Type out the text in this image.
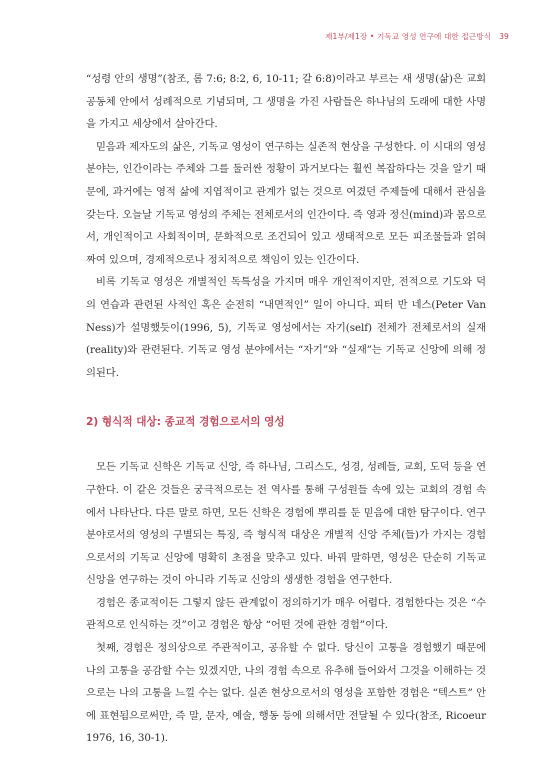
제1부/제1장 • 기독교 영성 연구에 대한 접근방식 39

“성령 안의 생명”(참조, 롬 7:6; 8:2, 6, 10-11; 갈 6:8)이라고 부르는 새 생명(삶)은 교회 공동체 안에서 성례적으로 기념되며, 그 생명을 가진 사람들은 하나님의 도래에 대한 사명을 가지고 세상에서 살아간다.

믿음과 제자도의 삶은, 기독교 영성이 연구하는 실존적 현상을 구성한다. 이 시대의 영성 분야는, 인간이라는 주체와 그를 둘러싼 정황이 과거보다는 훨씬 복잡하다는 것을 알기 때문에, 과거에는 영적 삶에 지엽적이고 관계가 없는 것으로 여겼던 주제들에 대해서 관심을 갖는다. 오늘날 기독교 영성의 주체는 전체로서의 인간이다. 즉 영과 정신(mind)과 몸으로서, 개인적이고 사회적이며, 문화적으로 조건되어 있고 생태적으로 모든 피조물들과 얽혀 짜여 있으며, 경제적으로나 정치적으로 책임이 있는 인간이다.

비록 기독교 영성은 개별적인 독특성을 가지며 매우 개인적이지만, 전적으로 기도와 덕의 연습과 관련된 사적인 혹은 순전히 “내면적인” 일이 아니다. 피터 반 네스(Peter Van Ness)가 설명했듯이(1996, 5), 기독교 영성에서는 자기(self) 전체가 전체로서의 실재(reality)와 관련된다. 기독교 영성 분야에서는 “자기”와 “실재”는 기독교 신앙에 의해 정의된다.

2) 형식적 대상: 종교적 경험으로서의 영성

모든 기독교 신학은 기독교 신앙, 즉 하나님, 그리스도, 성경, 성례들, 교회, 도덕 등을 연구한다. 이 같은 것들은 궁극적으로는 전 역사를 통해 구성원들 속에 있는 교회의 경험 속에서 나타난다. 다른 말로 하면, 모든 신학은 경험에 뿌리를 둔 믿음에 대한 탐구이다. 연구 분야로서의 영성의 구별되는 특징, 즉 형식적 대상은 개별적 신앙 주체(들)가 가지는 경험으로서의 기독교 신앙에 명확히 초점을 맞추고 있다. 바꿔 말하면, 영성은 단순히 기독교 신앙을 연구하는 것이 아니라 기독교 신앙의 생생한 경험을 연구한다.

경험은 종교적이든 그렇지 않든 관계없이 정의하기가 매우 어렵다. 경험한다는 것은 “수관적으로 인식하는 것”이고 경험은 항상 “어떤 것에 관한 경험”이다.

첫째, 경험은 정의상으로 주관적이고, 공유할 수 없다. 당신이 고통을 경험했기 때문에 나의 고통을 공감할 수는 있겠지만, 나의 경험 속으로 유추해 들어와서 그것을 이해하는 것으로는 나의 고통을 느낄 수는 없다. 실존 현상으로서의 영성을 포함한 경험은 “텍스트” 안에 표현됨으로써만, 즉 말, 문자, 예술, 행동 등에 의해서만 전달될 수 있다(참조, Ricoeur 1976, 16, 30-1).
